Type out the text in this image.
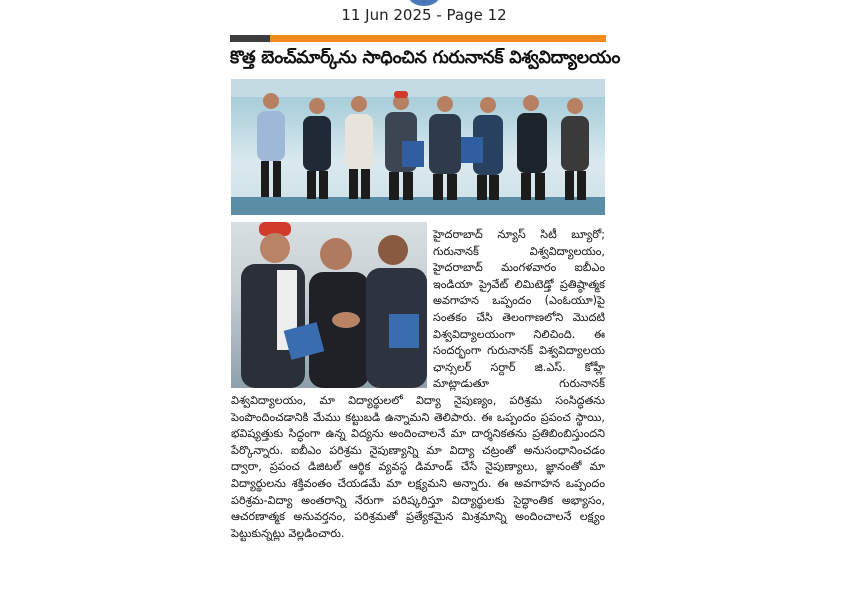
11 Jun 2025 - Page 12
కొత్త బెంచ్‌మార్క్‌ను సాధించిన గురునానక్ విశ్వవిద్యాలయం

హైదరాబాద్ న్యూస్ సిటీ బ్యూరో; గురునానక్ విశ్వవిద్యాలయం, హైదరాబాద్ మంగళవారం ఐబీఎం ఇండియా ప్రైవేట్ లిమిటెడ్తో ప్రతిష్ఠాత్మక అవగాహన ఒప్పందం (ఎంఓయూ)పై సంతకం చేసి తెలంగాణలోని మొదటి విశ్వవిద్యాలయంగా నిలిచింది. ఈ సందర్భంగా గురునానక్ విశ్వవిద్యాలయ ఛాన్సలర్ సర్దార్ జి.ఎస్. కోహ్లీ మాట్లాడుతూ గురునానక్ విశ్వవిద్యాలయం, మా విద్యార్థులలో విద్యా నైపుణ్యం, పరిశ్రమ సంసిద్ధతను పెంపొందించడానికి మేము కట్టుబడి ఉన్నామని తెలిపారు. ఈ ఒప్పందం ప్రపంచ స్థాయి, భవిష్యత్తుకు సిద్ధంగా ఉన్న విద్యను అందించాలనే మా దార్శనికతను ప్రతిబింబిస్తుందని పేర్కొన్నారు. ఐబీఎం పరిశ్రమ నైపుణ్యాన్ని మా విద్యా చట్రంతో అనుసంధానించడం ద్వారా, ప్రపంచ డిజిటల్ ఆర్థిక వ్యవస్థ డిమాండ్ చేసే నైపుణ్యాలు, జ్ఞానంతో మా విద్యార్థులను శక్తివంతం చేయడమే మా లక్ష్యమని అన్నారు. ఈ అవగాహన ఒప్పందం పరిశ్రమ-విద్యా అంతరాన్ని నేరుగా పరిష్కరిస్తూ విద్యార్థులకు సైద్ధాంతిక అభ్యాసం, ఆచరణాత్మక అనువర్తనం, పరిశ్రమతో ప్రత్యేకమైన మిశ్రమాన్ని అందించాలనే లక్ష్యం పెట్టుకున్నట్లు వెల్లడించారు.
